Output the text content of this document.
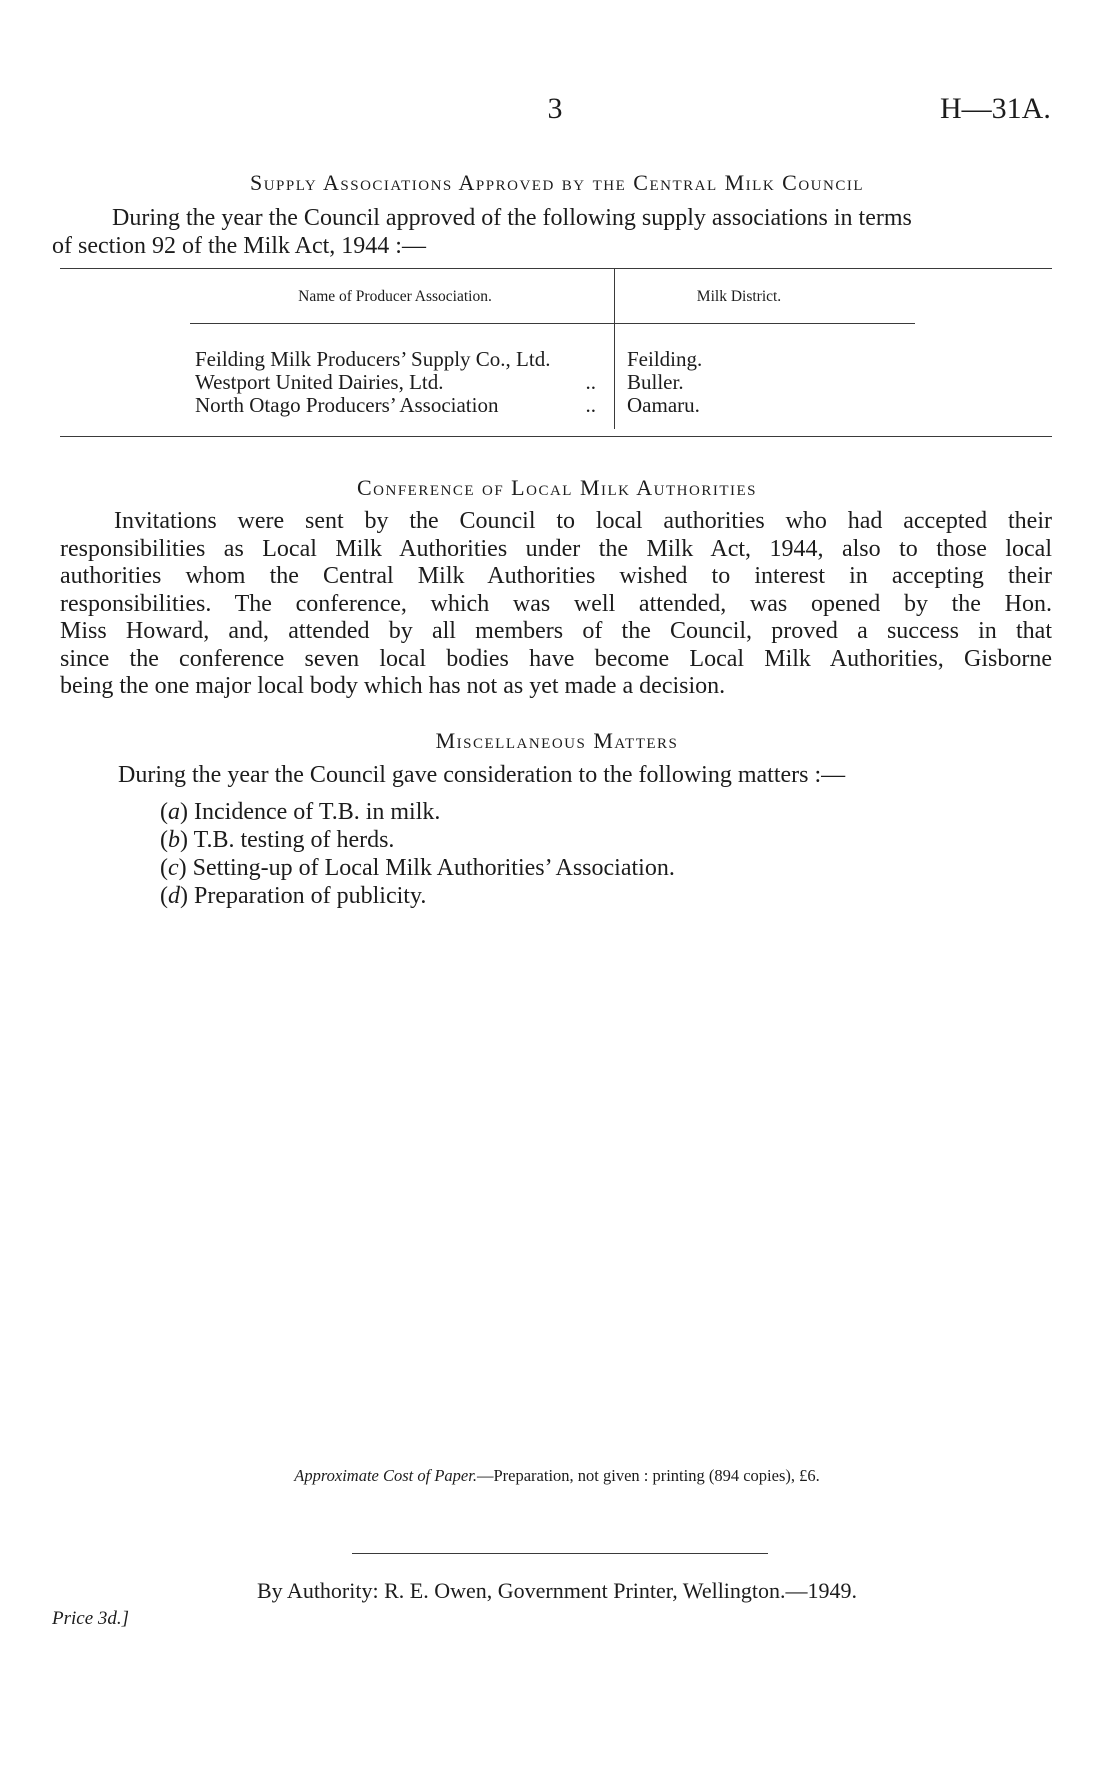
3	H—31A.
Supply Associations Approved by the Central Milk Council
During the year the Council approved of the following supply associations in terms
of section 92 of the Milk Act, 1944 :—
Name of Producer Association.	Milk District.
Feilding Milk Producers’ Supply Co., Ltd.	Feilding.
Westport United Dairies, Ltd.	.. Buller.
North Otago Producers’ Association	.. Oamaru.
Conference of Local Milk Authorities
Invitations were sent by the Council to local authorities who had accepted their
responsibilities as Local Milk Authorities under the Milk Act, 1944, also to those local
authorities whom the Central Milk Authorities wished to interest in accepting their
responsibilities. The conference, which was well attended, was opened by the Hon.
Miss Howard, and, attended by all members of the Council, proved a success in that
since the conference seven local bodies have become Local Milk Authorities, Gisborne
being the one major local body which has not as yet made a decision.
Miscellaneous Matters
During the year the Council gave consideration to the following matters :—
(a) Incidence of T.B. in milk.
(b) T.B. testing of herds.
(c) Setting-up of Local Milk Authorities’ Association.
(d) Preparation of publicity.
Approximate Cost of Paper.—Preparation, not given : printing (894 copies), £6.
By Authority: R. E. Owen, Government Printer, Wellington.—1949.
Price 3d.]
